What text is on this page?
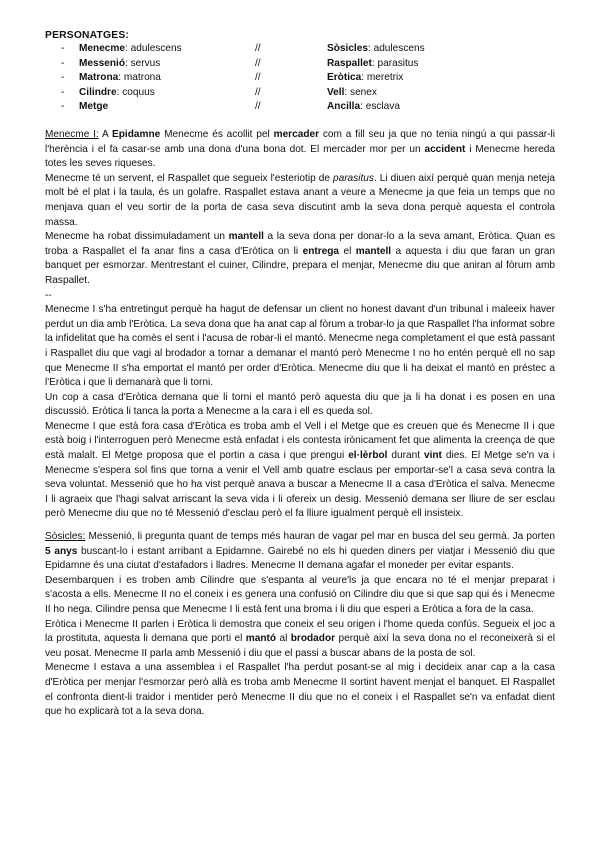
PERSONATGES:
- Menecme: adulescens	//	Sòsicles: adulescens
- Messenió: servus	//	Raspallet: parasitus
- Matrona: matrona	//	Eròtica: meretrix
- Cilindre: coquus	//	Vell: senex
- Metge	//	Ancilla: esclava

Menecme I: A Epidamne Menecme és acollit pel mercader com a fill seu ja que no tenia ningú a qui passar-li l'herència i el fa casar-se amb una dona d'una bona dot. El mercader mor per un accident i Menecme hereda totes les seves riqueses.

Menecme té un servent, el Raspallet que segueix l'esteriotip de parasitus. Li diuen així perquè quan menja neteja molt bé el plat i la taula, és un golafre. Raspallet estava anant a veure a Menecme ja que feia un temps que no menjava quan el veu sortir de la porta de casa seva discutint amb la seva dona perquè aquesta el controla massa.

Menecme ha robat dissimuladament un mantell a la seva dona per donar-lo a la seva amant, Eròtica. Quan es troba a Raspallet el fa anar fins a casa d'Eròtica on li entrega el mantell a aquesta i diu que faran un gran banquet per esmorzar. Mentrestant el cuiner, Cilindre, prepara el menjar, Menecme diu que aniran al fòrum amb Raspallet.

--

Menecme I s'ha entretingut perquè ha hagut de defensar un client no honest davant d'un tribunal i maleeix haver perdut un dia amb l'Eròtica. La seva dona que ha anat cap al fòrum a trobar-lo ja que Raspallet l'ha informat sobre la infidelitat que ha comès el sent i l'acusa de robar-li el mantó. Menecme nega completament el que està passant i Raspallet diu que vagi al brodador a tornar a demanar el mantó però Menecme I no ho entén perquè ell no sap que Menecme II s'ha emportat el mantó per order d'Eròtica. Menecme diu que li ha deixat el mantó en préstec a l'Eròtica i que li demanarà que li torni.

Un cop a casa d'Eròtica demana que li torni el mantó però aquesta diu que ja li ha donat i es posen en una discussió. Eròtica li tanca la porta a Menecme a la cara i ell es queda sol.

Menecme I que està fora casa d'Eròtica es troba amb el Vell i el Metge que es creuen que és Menecme II i que està boig i l'interroguen però Menecme està enfadat i els contesta irònicament fet que alimenta la creença de que està malalt. El Metge proposa que el portin a casa i que prengui el·lèrbol durant vint dies. El Metge se'n va i Menecme s'espera sol fins que torna a venir el Vell amb quatre esclaus per emportar-se'l a casa seva contra la seva voluntat. Messenió que ho ha vist perquè anava a buscar a Menecme II a casa d'Eròtica el salva. Menecme I li agraeix que l'hagi salvat arriscant la seva vida i li ofereix un desig. Messenió demana ser lliure de ser esclau però Menecme diu que no té Messenió d'esclau però el fa lliure igualment perquè ell insisteix.

Sòsicles: Messenió, li pregunta quant de temps més hauran de vagar pel mar en busca del seu germà. Ja porten 5 anys buscant-lo i estant arribant a Epidamne. Gairebé no els hi queden diners per viatjar i Messenió diu que Epidamne és una ciutat d'estafadors i lladres. Menecme II demana agafar el moneder per evitar espants.

Desembarquen i es troben amb Cilindre que s'espanta al veure'ls ja que encara no té el menjar preparat i s'acosta a ells. Menecme II no el coneix i es genera una confusió on Cilindre diu que si que sap qui és i Menecme II ho nega. Cilindre pensa que Menecme I li està fent una broma i li diu que esperi a Eròtica a fora de la casa.

Eròtica i Menecme II parlen i Eròtica li demostra que coneix el seu origen i l'home queda confús. Segueix el joc a la prostituta, aquesta li demana que porti el mantó al brodador perquè així la seva dona no el reconeixerà si el veu posat. Menecme II parla amb Messenió i diu que el passi a buscar abans de la posta de sol.

Menecme I estava a una assemblea i el Raspallet l'ha perdut posant-se al mig i decideix anar cap a la casa d'Eròtica per menjar l'esmorzar però allà es troba amb Menecme II sortint havent menjat el banquet. El Raspallet el confronta dient-li traidor i mentider però Menecme II diu que no el coneix i el Raspallet se'n va enfadat dient que ho explicarà tot a la seva dona.
